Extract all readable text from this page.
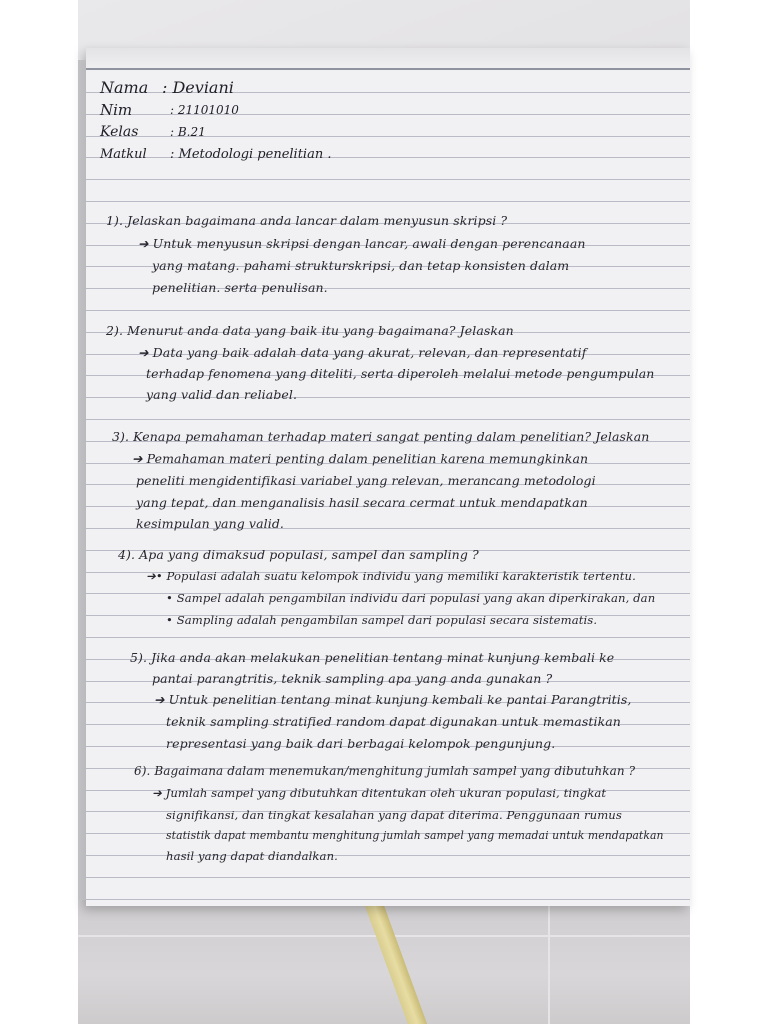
Nama : Deviani
Nim	: 21101010
Kelas	: B.21
Matkul : Metodologi penelitian .
1). Jelaskan bagaimana anda lancar dalam menyusun skripsi ?
➔ Untuk menyusun skripsi dengan lancar, awali dengan perencanaan
yang matang. pahami strukturskripsi, dan tetap konsisten dalam
penelitian. serta penulisan.
2). Menurut anda data yang baik itu yang bagaimana? Jelaskan
➔ Data yang baik adalah data yang akurat, relevan, dan representatif
terhadap fenomena yang diteliti, serta diperoleh melalui metode pengumpulan
yang valid dan reliabel.
3). Kenapa pemahaman terhadap materi sangat penting dalam penelitian? Jelaskan
➔ Pemahaman materi penting dalam penelitian karena memungkinkan
peneliti mengidentifikasi variabel yang relevan, merancang metodologi
yang tepat, dan menganalisis hasil secara cermat untuk mendapatkan
kesimpulan yang valid.
4). Apa yang dimaksud populasi, sampel dan sampling ?
➔• Populasi adalah suatu kelompok individu yang memiliki karakteristik tertentu.
• Sampel adalah pengambilan individu dari populasi yang akan diperkirakan, dan
• Sampling adalah pengambilan sampel dari populasi secara sistematis.
5). Jika anda akan melakukan penelitian tentang minat kunjung kembali ke
pantai parangtritis, teknik sampling apa yang anda gunakan ?
➔ Untuk penelitian tentang minat kunjung kembali ke pantai Parangtritis,
teknik sampling stratified random dapat digunakan untuk memastikan
representasi yang baik dari berbagai kelompok pengunjung.
6). Bagaimana dalam menemukan/menghitung jumlah sampel yang dibutuhkan ?
➔ Jumlah sampel yang dibutuhkan ditentukan oleh ukuran populasi, tingkat
signifikansi, dan tingkat kesalahan yang dapat diterima. Penggunaan rumus
statistik dapat membantu menghitung jumlah sampel yang memadai untuk mendapatkan
hasil yang dapat diandalkan.
